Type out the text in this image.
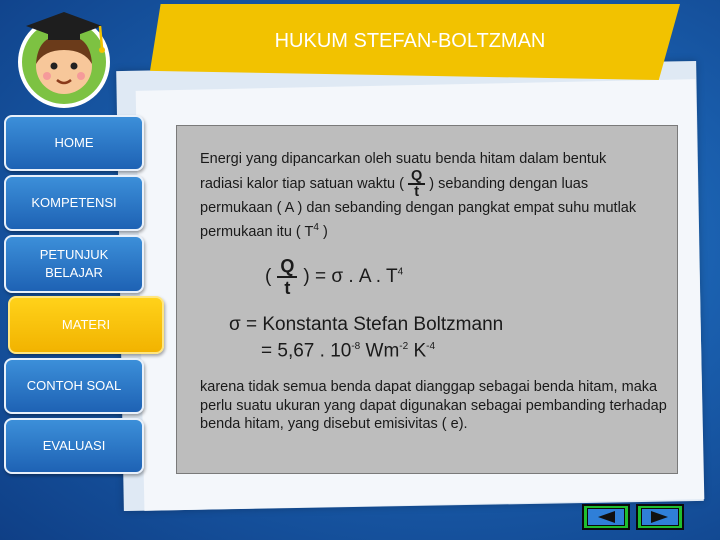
HUKUM STEFAN-BOLTZMAN
HOME
KOMPETENSI
PETUNJUK
BELAJAR
MATERI
CONTOH SOAL
EVALUASI
Energi yang dipancarkan oleh suatu benda hitam dalam bentuk radiasi kalor tiap satuan waktu ( $\frac{Q}{t}$ ) sebanding dengan luas permukaan ( A ) dan sebanding dengan pangkat empat suhu mutlak permukaan itu ( $T^4$ )
( $\frac{Q}{t}$ ) = σ . A . $T^4$
σ = Konstanta Stefan Boltzmann
= 5,67 . $10^{-8}$ $Wm^{-2}$ $K^{-4}$
karena tidak semua benda dapat dianggap sebagai benda hitam, maka perlu suatu ukuran yang dapat digunakan sebagai pembanding terhadap benda hitam, yang disebut emisivitas ( e).
